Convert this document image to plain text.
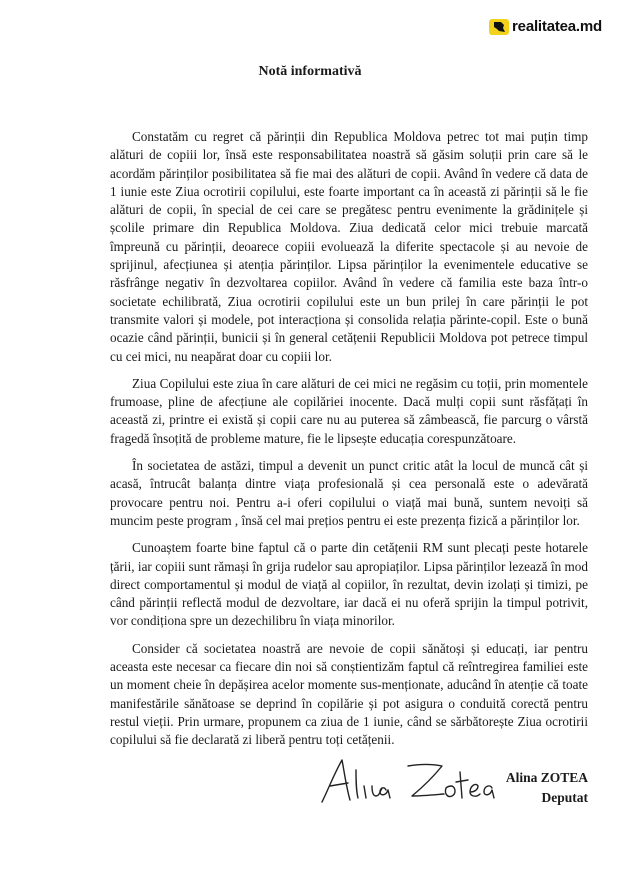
realitatea.md
Notă informativă

Constatăm cu regret că părinții din Republica Moldova petrec tot mai puțin timp alături de copiii lor, însă este responsabilitatea noastră să găsim soluții prin care să le acordăm părinților posibilitatea să fie mai des alături de copii. Având în vedere că data de 1 iunie este Ziua ocrotirii copilului, este foarte important ca în această zi părinții să le fie alături de copii, în special de cei care se pregătesc pentru evenimente la grădinițele și școlile primare din Republica Moldova. Ziua dedicată celor mici trebuie marcată împreună cu părinții, deoarece copiii evoluează la diferite spectacole și au nevoie de sprijinul, afecțiunea și atenția părinților. Lipsa părinților la evenimentele educative se răsfrânge negativ în dezvoltarea copiilor. Având în vedere că familia este baza într-o societate echilibrată, Ziua ocrotirii copilului este un bun prilej în care părinții le pot transmite valori și modele, pot interacționa și consolida relația părinte-copil. Este o bună ocazie când părinții, bunicii și în general cetățenii Republicii Moldova pot petrece timpul cu cei mici, nu neapărat doar cu copiii lor.

Ziua Copilului este ziua în care alături de cei mici ne regăsim cu toții, prin momentele frumoase, pline de afecțiune ale copilăriei inocente. Dacă mulți copii sunt răsfățați în această zi, printre ei există și copii care nu au puterea să zâmbească, fie parcurg o vârstă fragedă însoțită de probleme mature, fie le lipsește educația corespunzătoare.

În societatea de astăzi, timpul a devenit un punct critic atât la locul de muncă cât și acasă, întrucât balanța dintre viața profesională și cea personală este o adevărată provocare pentru noi. Pentru a-i oferi copilului o viață mai bună, suntem nevoiți să muncim peste program , însă cel mai prețios pentru ei este prezența fizică a părinților lor.

Cunoaștem foarte bine faptul că o parte din cetățenii RM sunt plecați peste hotarele țării, iar copiii sunt rămași în grija rudelor sau apropiaților. Lipsa părinților lezează în mod direct comportamentul și modul de viață al copiilor, în rezultat, devin izolați și timizi, pe când părinții reflectă modul de dezvoltare, iar dacă ei nu oferă sprijin la timpul potrivit, vor condiționa spre un dezechilibru în viața minorilor.

Consider că societatea noastră are nevoie de copii sănătoși și educați, iar pentru aceasta este necesar ca fiecare din noi să conștientizăm faptul că reîntregirea familiei este un moment cheie în depășirea acelor momente sus-menționate, aducând în atenție că toate manifestările sănătoase se deprind în copilărie și pot asigura o conduită corectă pentru restul vieții. Prin urmare, propunem ca ziua de 1 iunie, când se sărbătorește Ziua ocrotirii copilului să fie declarată zi liberă pentru toți cetățenii.

Alina ZOTEA
Deputat
